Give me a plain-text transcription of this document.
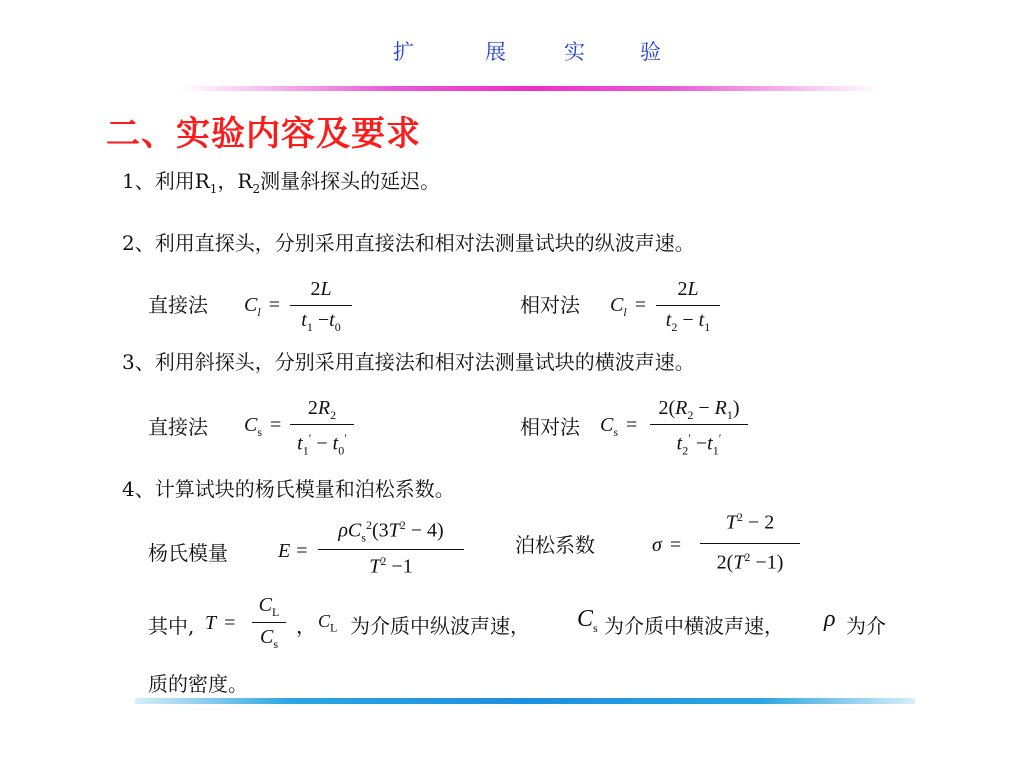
扩	展	实	验
二、实验内容及要求
1、利用$R_1$，$R_2$测量斜探头的延迟。
2、利用直探头，分别采用直接法和相对法测量试块的纵波声速。
直接法 $C_l$ =
2L
$t_1 -t_0$
相对法 $C_l$ =
2L
$t_2 - t_1$
3、利用斜探头，分别采用直接法和相对法测量试块的横波声速。
直接法 $C_s$ =
$2R_2$
$t_1' - t_0'$	相对法 $C_s$ =
$2(R_2 - R_1)$
$t_2' -t_1'$
4、计算试块的杨氏模量和泊松系数。
杨氏模量	E =
$\rho C_s^2(3T^2 - 4)$
$T^2 -1$
泊松系数	σ =
$T^2 - 2$
$2(T^2 -1)$
其中, T =
$C_L$
$C_s$
， $C_L$ 为介质中纵波声速， $C_s$ 为介质中横波声速， ρ 为介
质的密度。
